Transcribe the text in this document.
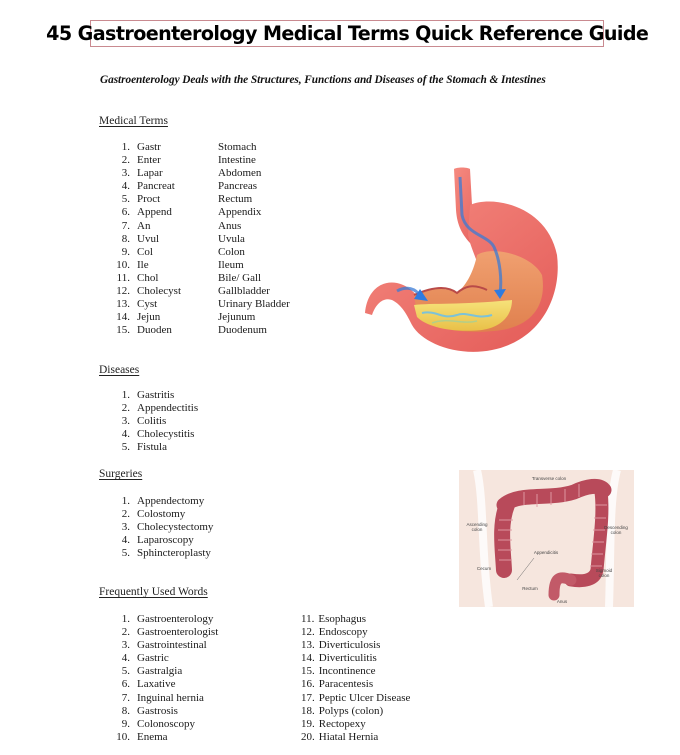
45 Gastroenterology Medical Terms Quick Reference Guide
Gastroenterology Deals with the Structures, Functions and Diseases of the Stomach & Intestines
Medical Terms
1. Gastr	Stomach
2. Enter	Intestine
3. Lapar	Abdomen
4. Pancreat	Pancreas
5. Proct	Rectum
6. Append	Appendix
7. An	Anus
8. Uvul	Uvula
9. Col	Colon
10. Ile	Ileum
11. Chol	Bile/ Gall
12. Cholecyst	Gallbladder
13. Cyst	Urinary Bladder
14. Jejun	Jejunum
15. Duoden	Duodenum
Diseases
1. Gastritis
2. Appendectitis
3. Colitis
4. Cholecystitis
5. Fistula
Surgeries
1. Appendectomy
2. Colostomy
3. Cholecystectomy
4. Laparoscopy
5. Sphincteroplasty
Frequently Used Words
1. Gastroenterology
2. Gastroenterologist
3. Gastrointestinal
4. Gastric
5. Gastralgia
6. Laxative
7. Inguinal hernia
8. Gastrosis
9. Colonoscopy
10. Enema
11. Esophagus
12. Endoscopy
13. Diverticulosis
14. Diverticulitis
15. Incontinence
16. Paracentesis
17. Peptic Ulcer Disease
18. Polyps (colon)
19. Rectopexy
20. Hiatal Hernia
Transverse colon
Ascending colon	Descending colon
Appendicitis
Cecum	Sigmoid colon
Rectum
Anus
